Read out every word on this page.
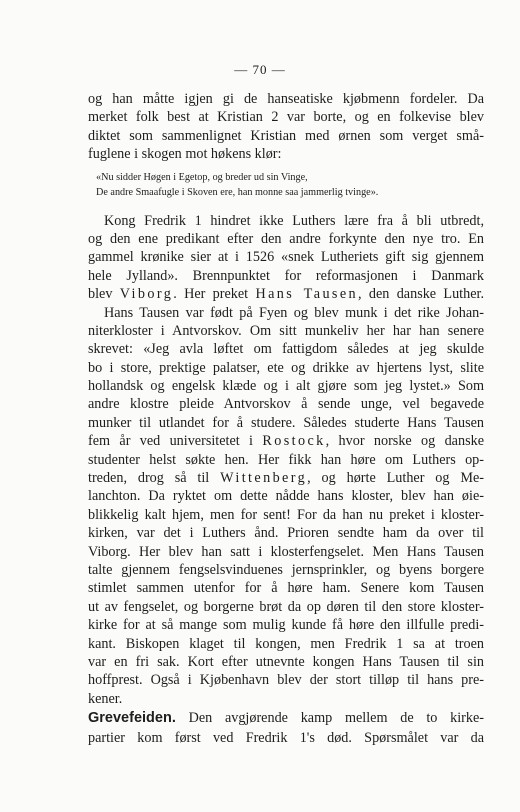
— 70 —
og han måtte igjen gi de hanseatiske kjøbmenn fordeler. Da
merket folk best at Kristian 2 var borte, og en folkevise blev
diktet som sammenlignet Kristian med ørnen som verget små-
fuglene i skogen mot høkens klør:
«Nu sidder Høgen i Egetop, og breder ud sin Vinge,
De andre Smaafugle i Skoven ere, han monne saa jammerlig tvinge».
Kong Fredrik 1 hindret ikke Luthers lære fra å bli utbredt,
og den ene predikant efter den andre forkynte den nye tro. En
gammel krønike sier at i 1526 «snek Lutheriets gift sig gjennem
hele Jylland». Brennpunktet for reformasjonen i Danmark
blev Viborg. Her preket Hans Tausen, den danske Luther.
Hans Tausen var født på Fyen og blev munk i det rike Johan-
niterkloster i Antvorskov. Om sitt munkeliv her har han senere
skrevet: «Jeg avla løftet om fattigdom således at jeg skulde
bo i store, prektige palatser, ete og drikke av hjertens lyst, slite
hollandsk og engelsk klæde og i alt gjøre som jeg lystet.» Som
andre klostre pleide Antvorskov å sende unge, vel begavede
munker til utlandet for å studere. Således studerte Hans Tausen
fem år ved universitetet i Rostock, hvor norske og danske
studenter helst søkte hen. Her fikk han høre om Luthers op-
treden, drog så til Wittenberg, og hørte Luther og Me-
lanchton. Da ryktet om dette nådde hans kloster, blev han øie-
blikkelig kalt hjem, men for sent! For da han nu preket i kloster-
kirken, var det i Luthers ånd. Prioren sendte ham da over til
Viborg. Her blev han satt i klosterfengselet. Men Hans Tausen
talte gjennem fengselsvinduenes jernsprinkler, og byens borgere
stimlet sammen utenfor for å høre ham. Senere kom Tausen
ut av fengselet, og borgerne brøt da op døren til den store kloster-
kirke for at så mange som mulig kunde få høre den illfulle predi-
kant. Biskopen klaget til kongen, men Fredrik 1 sa at troen
var en fri sak. Kort efter utnevnte kongen Hans Tausen til sin
hoffprest. Også i Kjøbenhavn blev der stort tilløp til hans pre-
kener.
Grevefeiden. Den avgjørende kamp mellem de to kirke-
partier kom først ved Fredrik 1's død. Spørsmålet var da
